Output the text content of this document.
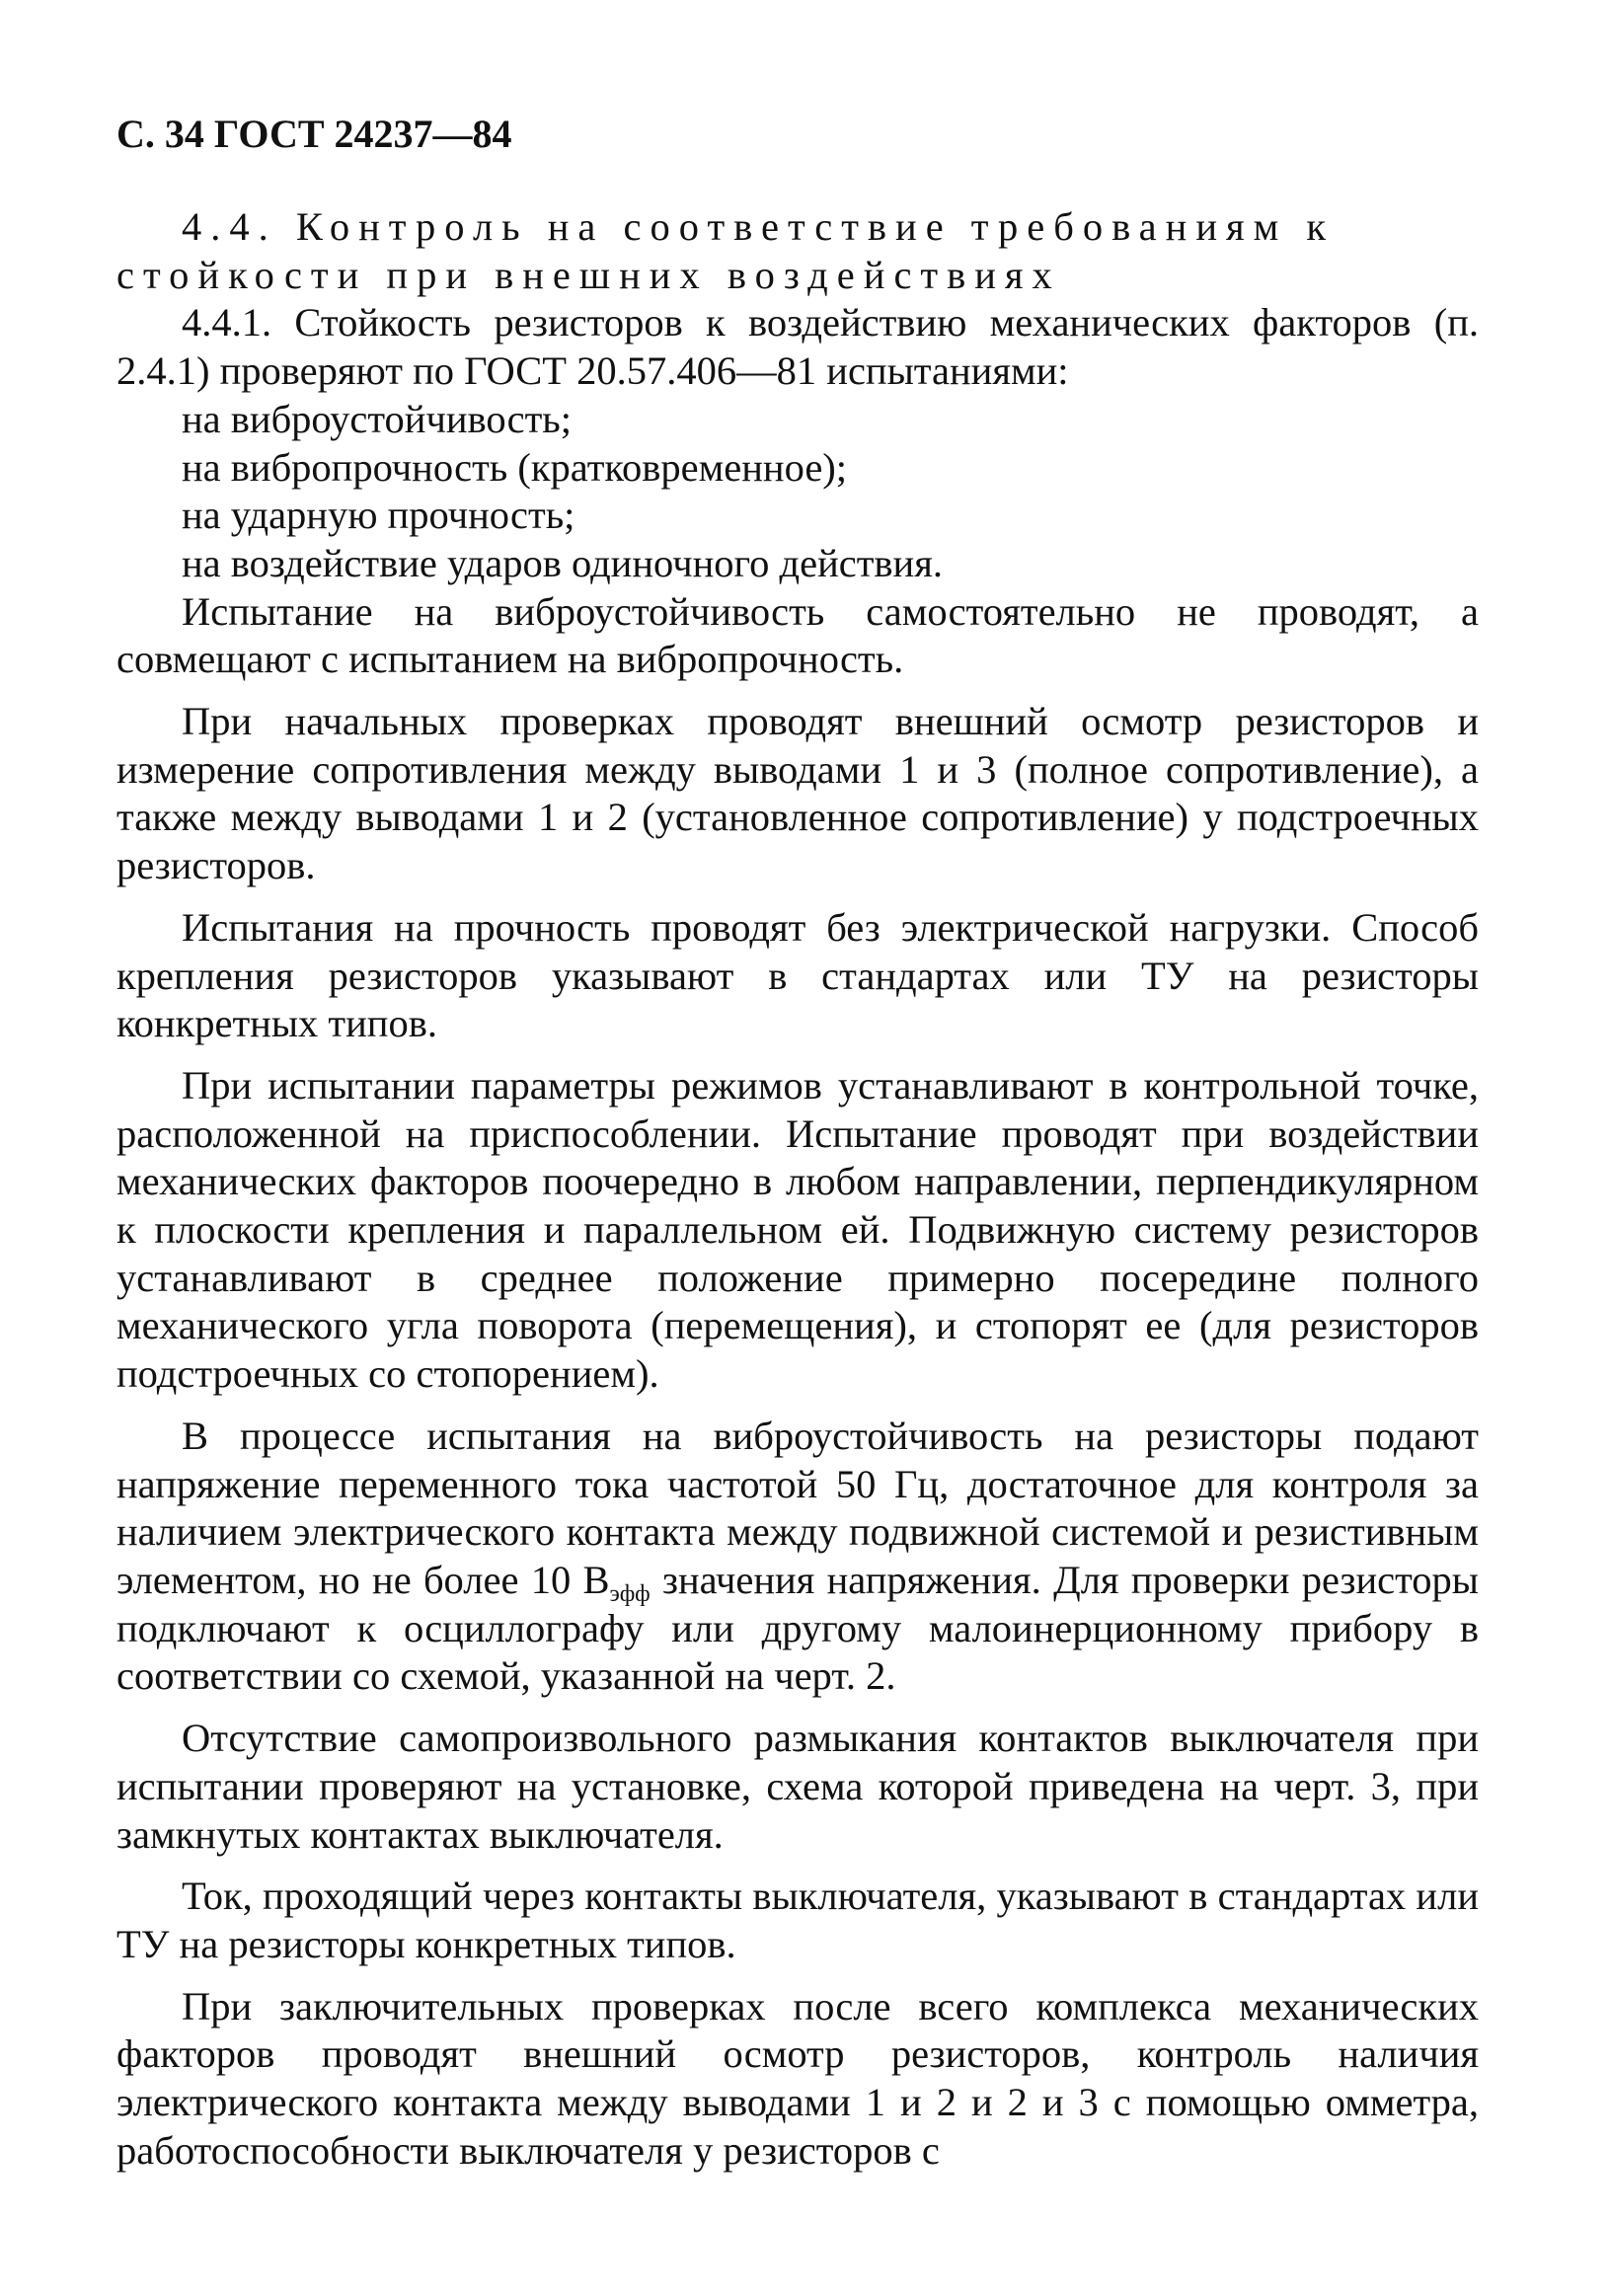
С. 34 ГОСТ 24237—84

4.4. Контроль на соответствие требованиям к стойкости при внешних воздействиях

4.4.1. Стойкость резисторов к воздействию механических факторов (п. 2.4.1) проверяют по ГОСТ 20.57.406—81 испытаниями:

на виброустойчивость;

на вибропрочность (кратковременное);

на ударную прочность;

на воздействие ударов одиночного действия.

Испытание на виброустойчивость самостоятельно не проводят, а совмещают с испытанием на вибропрочность.

При начальных проверках проводят внешний осмотр резисторов и измерение сопротивления между выводами 1 и 3 (полное сопротивление), а также между выводами 1 и 2 (установленное сопротивление) у подстроечных резисторов.

Испытания на прочность проводят без электрической нагрузки. Способ крепления резисторов указывают в стандартах или ТУ на резисторы конкретных типов.

При испытании параметры режимов устанавливают в контрольной точке, расположенной на приспособлении. Испытание проводят при воздействии механических факторов поочередно в любом направлении, перпендикулярном к плоскости крепления и параллельном ей. Подвижную систему резисторов устанавливают в среднее положение примерно посередине полного механического угла поворота (перемещения), и стопорят ее (для резисторов подстроечных со стопорением).

В процессе испытания на виброустойчивость на резисторы подают напряжение переменного тока частотой 50 Гц, достаточное для контроля за наличием электрического контакта между подвижной системой и резистивным элементом, но не более 10 $В_{эфф}$ значения напряжения. Для проверки резисторы подключают к осциллографу или другому малоинерционному прибору в соответствии со схемой, указанной на черт. 2.

Отсутствие самопроизвольного размыкания контактов выключателя при испытании проверяют на установке, схема которой приведена на черт. 3, при замкнутых контактах выключателя.

Ток, проходящий через контакты выключателя, указывают в стандартах или ТУ на резисторы конкретных типов.

При заключительных проверках после всего комплекса механических факторов проводят внешний осмотр резисторов, контроль наличия электрического контакта между выводами 1 и 2 и 2 и 3 с помощью омметра, работоспособности выключателя у резисторов с
